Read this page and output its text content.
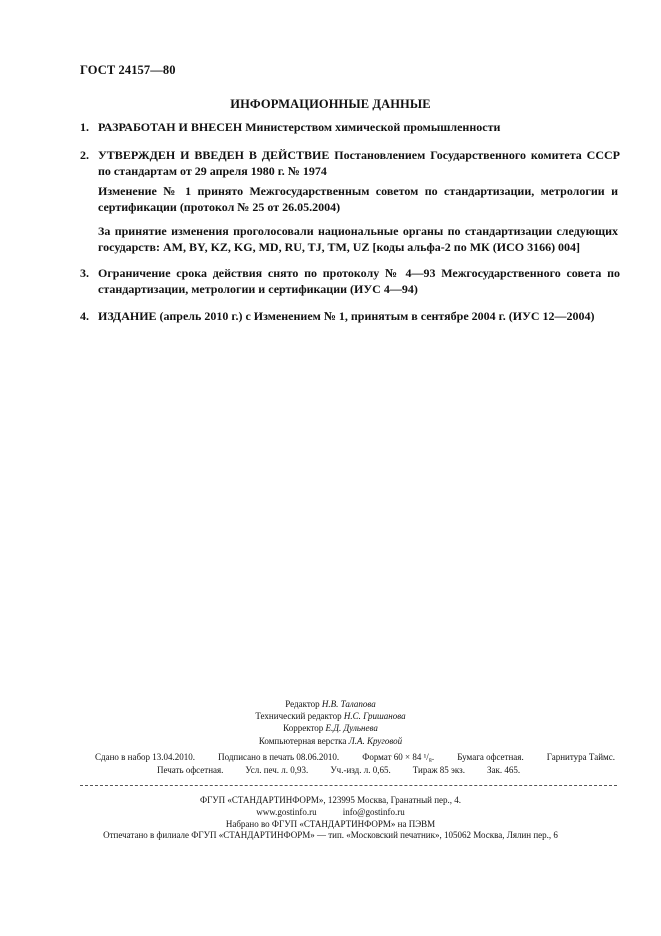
ГОСТ 24157—80
ИНФОРМАЦИОННЫЕ ДАННЫЕ
1. РАЗРАБОТАН И ВНЕСЕН Министерством химической промышленности
2. УТВЕРЖДЕН И ВВЕДЕН В ДЕЙСТВИЕ Постановлением Государственного комитета СССР по стандартам от 29 апреля 1980 г. № 1974
Изменение № 1 принято Межгосударственным советом по стандартизации, метрологии и сертификации (протокол № 25 от 26.05.2004)
За принятие изменения проголосовали национальные органы по стандартизации следующих государств: AM, BY, KZ, KG, MD, RU, TJ, TM, UZ [коды альфа-2 по МК (ИСО 3166) 004]
3. Ограничение срока действия снято по протоколу № 4—93 Межгосударственного совета по стандартизации, метрологии и сертификации (ИУС 4—94)
4. ИЗДАНИЕ (апрель 2010 г.) с Изменением № 1, принятым в сентябре 2004 г. (ИУС 12—2004)
Редактор Н.В. Талапова
Технический редактор Н.С. Гришанова
Корректор Е.Д. Дульнева
Компьютерная верстка Л.А. Круговой
Сдано в набор 13.04.2010.	Подписано в печать 08.06.2010.	Формат 60 × 84 ¹/₈.	Бумага офсетная.	Гарнитура Таймс.
Печать офсетная. Усл. печ. л. 0,93. Уч.-изд. л. 0,65. Тираж 85 экз. Зак. 465.
ФГУП «СТАНДАРТИНФОРМ», 123995 Москва, Гранатный пер., 4.
www.gostinfo.ru	info@gostinfo.ru
Набрано во ФГУП «СТАНДАРТИНФОРМ» на ПЭВМ
Отпечатано в филиале ФГУП «СТАНДАРТИНФОРМ» — тип. «Московский печатник», 105062 Москва, Лялин пер., 6
